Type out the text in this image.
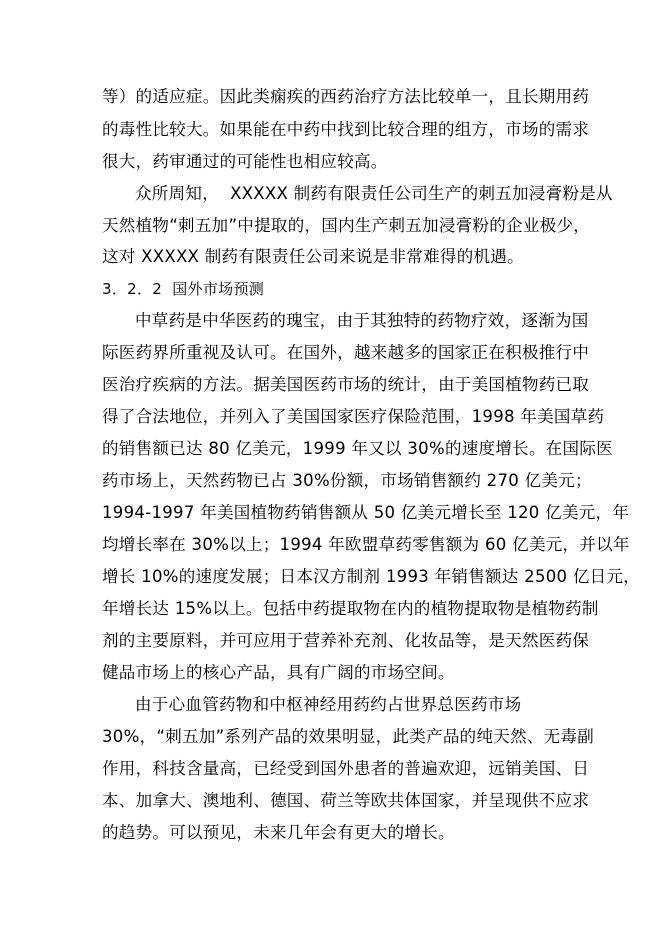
等）的适应症。因此类痫疾的西药治疗方法比较单一，且长期用药
的毒性比较大。如果能在中药中找到比较合理的组方，市场的需求
很大，药审通过的可能性也相应较高。
众所周知，  XXXXX 制药有限责任公司生产的刺五加浸膏粉是从
天然植物“刺五加”中提取的，国内生产刺五加浸膏粉的企业极少，
这对 XXXXX 制药有限责任公司来说是非常难得的机遇。
3．2．2  国外市场预测
中草药是中华医药的瑰宝，由于其独特的药物疗效，逐渐为国
际医药界所重视及认可。在国外，越来越多的国家正在积极推行中
医治疗疾病的方法。据美国医药市场的统计，由于美国植物药已取
得了合法地位，并列入了美国国家医疗保险范围，1998 年美国草药
的销售额已达 80 亿美元，1999 年又以 30%的速度增长。在国际医
药市场上，天然药物已占 30%份额，市场销售额约 270 亿美元；
1994-1997 年美国植物药销售额从 50 亿美元增长至 120 亿美元，年
均增长率在 30%以上；1994 年欧盟草药零售额为 60 亿美元，并以年
增长 10%的速度发展；日本汉方制剂 1993 年销售额达 2500 亿日元，
年增长达 15%以上。包括中药提取物在内的植物提取物是植物药制
剂的主要原料，并可应用于营养补充剂、化妆品等，是天然医药保
健品市场上的核心产品，具有广阔的市场空间。
由于心血管药物和中枢神经用药约占世界总医药市场
30%，“刺五加”系列产品的效果明显，此类产品的纯天然、无毒副
作用，科技含量高，已经受到国外患者的普遍欢迎，远销美国、日
本、加拿大、澳地利、德国、荷兰等欧共体国家，并呈现供不应求
的趋势。可以预见，未来几年会有更大的增长。
